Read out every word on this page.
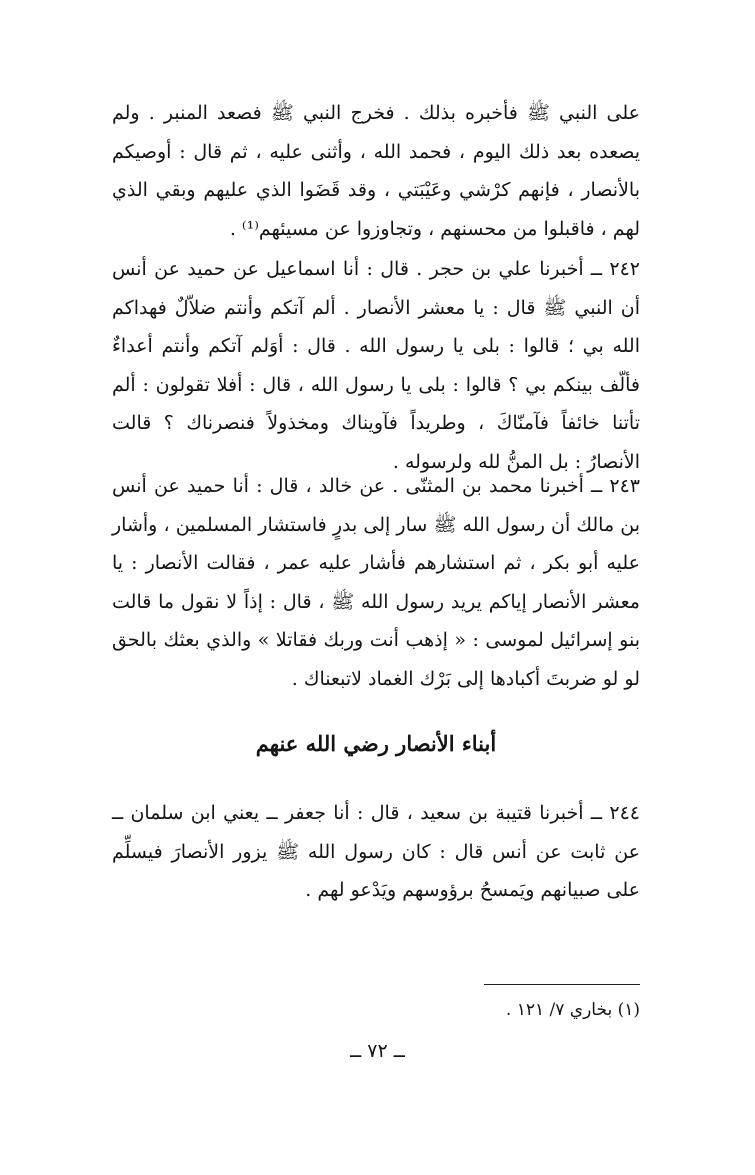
على النبي ﷺ فأخبره بذلك . فخرج النبي ﷺ فصعد المنبر . ولم يصعده بعد ذلك اليوم ، فحمد الله ، وأثنى عليه ، ثم قال : أوصيكم بالأنصار ، فإنهم كرْشي وعَيْبَتي ، وقد قَضَوا الذي عليهم وبقي الذي لهم ، فاقبلوا من محسنهم ، وتجاوزوا عن مسيئهم⁽¹⁾ .

٢٤٢ ــ أخبرنا علي بن حجر . قال : أنا اسماعيل عن حميد عن أنس أن النبي ﷺ قال : يا معشر الأنصار . ألم آتكم وأنتم ضلاّلٌ فهداكم الله بي ؛ قالوا : بلى يا رسول الله . قال : أوَلم آتكم وأنتم أعداءٌ فألّف بينكم بي ؟ قالوا : بلى يا رسول الله ، قال : أفلا تقولون : ألم تأتنا خائفاً فآمنّاكَ ، وطريداً فآويناك ومخذولاً فنصرناك ؟ قالت الأنصارُ : بل المنُّ لله ولرسوله .

٢٤٣ ــ أخبرنا محمد بن المثنّى . عن خالد ، قال : أنا حميد عن أنس بن مالك أن رسول الله ﷺ سار إلى بدرٍ فاستشار المسلمين ، وأشار عليه أبو بكر ، ثم استشارهم فأشار عليه عمر ، فقالت الأنصار : يا معشر الأنصار إياكم يريد رسول الله ﷺ ، قال : إذاً لا نقول ما قالت بنو إسرائيل لموسى : « إذهب أنت وربك فقاتلا » والذي بعثك بالحق لو لو ضربتَ أكبادها إلى بَرْك الغماد لاتبعناك .

أبناء الأنصار رضي الله عنهم

٢٤٤ ــ أخبرنا قتيبة بن سعيد ، قال : أنا جعفر ــ يعني ابن سلمان ــ عن ثابت عن أنس قال : كان رسول الله ﷺ يزور الأنصارَ فيسلِّم على صبيانهم ويَمسحُ برؤوسهم ويَدْعو لهم .

(١) بخاري ٧/ ١٢١ .

ــ ٧٢ ــ
